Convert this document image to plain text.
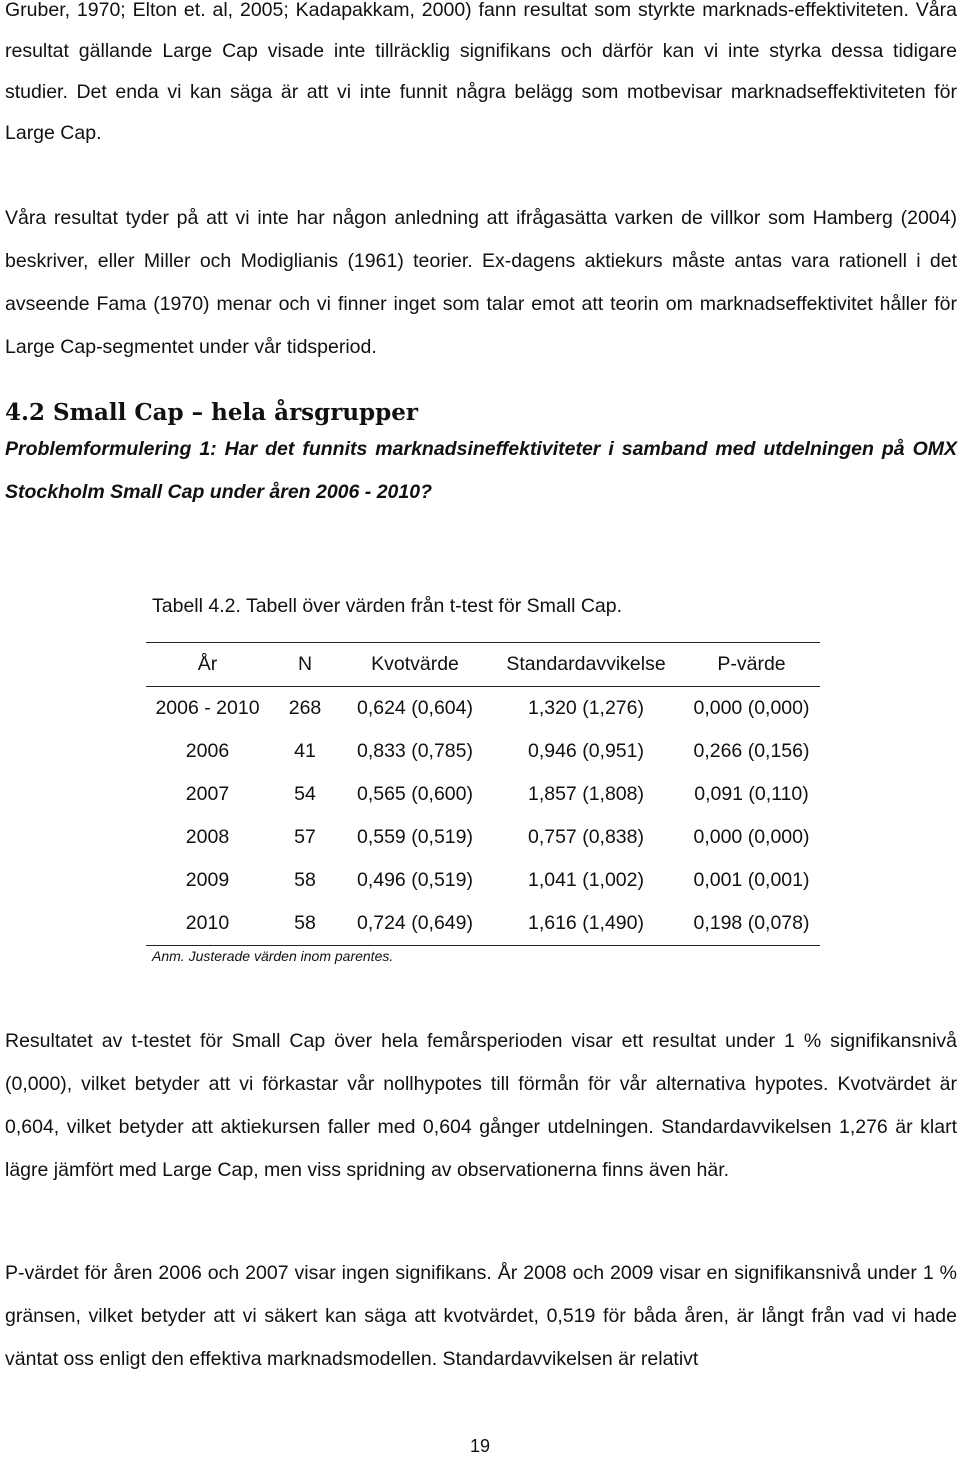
Gruber, 1970; Elton et. al, 2005; Kadapakkam, 2000) fann resultat som styrkte marknads-effektiviteten. Våra resultat gällande Large Cap visade inte tillräcklig signifikans och därför kan vi inte styrka dessa tidigare studier. Det enda vi kan säga är att vi inte funnit några belägg som motbevisar marknadseffektiviteten för Large Cap.

Våra resultat tyder på att vi inte har någon anledning att ifrågasätta varken de villkor som Hamberg (2004) beskriver, eller Miller och Modiglianis (1961) teorier. Ex-dagens aktiekurs måste antas vara rationell i det avseende Fama (1970) menar och vi finner inget som talar emot att teorin om marknadseffektivitet håller för Large Cap-segmentet under vår tidsperiod.

4.2 Small Cap – hela årsgrupper

Problemformulering 1: Har det funnits marknadsineffektiviteter i samband med utdelningen på OMX Stockholm Small Cap under åren 2006 - 2010?

Tabell 4.2. Tabell över värden från t-test för Small Cap.

År	N	Kvotvärde	Standardavvikelse	P-värde
2006 - 2010	268	0,624 (0,604)	1,320 (1,276)	0,000 (0,000)
2006	41	0,833 (0,785)	0,946 (0,951)	0,266 (0,156)
2007	54	0,565 (0,600)	1,857 (1,808)	0,091 (0,110)
2008	57	0,559 (0,519)	0,757 (0,838)	0,000 (0,000)
2009	58	0,496 (0,519)	1,041 (1,002)	0,001 (0,001)
2010	58	0,724 (0,649)	1,616 (1,490)	0,198 (0,078)

Anm. Justerade värden inom parentes.

Resultatet av t-testet för Small Cap över hela femårsperioden visar ett resultat under 1 % signifikansnivå (0,000), vilket betyder att vi förkastar vår nollhypotes till förmån för vår alternativa hypotes. Kvotvärdet är 0,604, vilket betyder att aktiekursen faller med 0,604 gånger utdelningen. Standardavvikelsen 1,276 är klart lägre jämfört med Large Cap, men viss spridning av observationerna finns även här.

P-värdet för åren 2006 och 2007 visar ingen signifikans. År 2008 och 2009 visar en signifikansnivå under 1 % gränsen, vilket betyder att vi säkert kan säga att kvotvärdet, 0,519 för båda åren, är långt från vad vi hade väntat oss enligt den effektiva marknadsmodellen. Standardavvikelsen är relativt

19
